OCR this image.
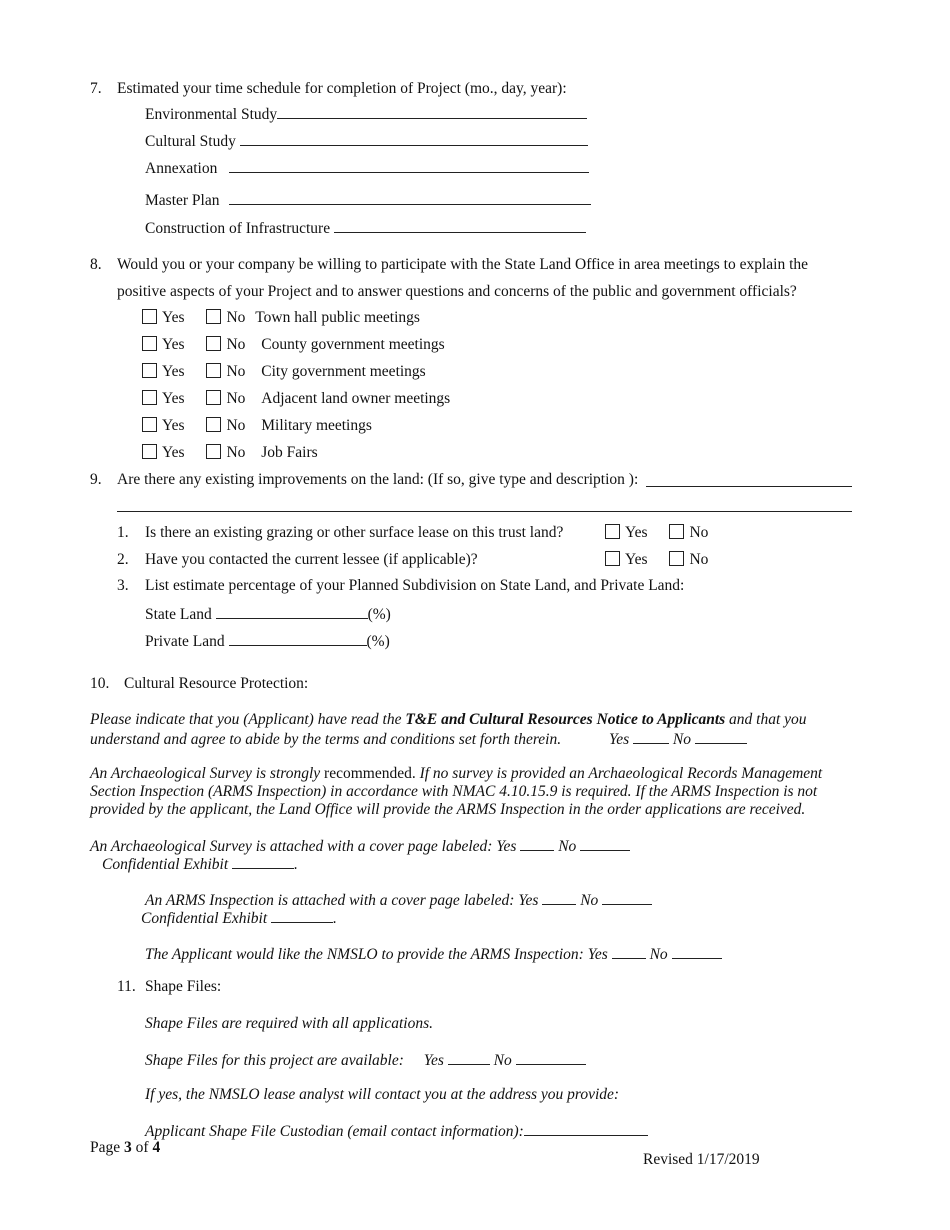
7. Estimated your time schedule for completion of Project (mo., day, year):
Environmental Study
Cultural Study
Annexation
Master Plan
Construction of Infrastructure
8. Would you or your company be willing to participate with the State Land Office in area meetings to explain the
positive aspects of your Project and to answer questions and concerns of the public and government officials?
Yes	No Town hall public meetings
Yes	No County government meetings
Yes	No City government meetings
Yes	No Adjacent land owner meetings
Yes	No Military meetings
Yes	No Job Fairs
9. Are there any existing improvements on the land: (If so, give type and description ):
1. Is there an existing grazing or other surface lease on this trust land?	Yes	No
2. Have you contacted the current lessee (if applicable)?	Yes	No
3. List estimate percentage of your Planned Subdivision on State Land, and Private Land:
State Land	(%)
Private Land	(%)
10. Cultural Resource Protection:
Please indicate that you (Applicant) have read the T&E and Cultural Resources Notice to Applicants and that you
understand and agree to abide by the terms and conditions set forth therein.	Yes	No
An Archaeological Survey is strongly recommended. If no survey is provided an Archaeological Records Management
Section Inspection (ARMS Inspection) in accordance with NMAC 4.10.15.9 is required. If the ARMS Inspection is not
provided by the applicant, the Land Office will provide the ARMS Inspection in the order applications are received.
An Archaeological Survey is attached with a cover page labeled: Yes	No
Confidential Exhibit	.
An ARMS Inspection is attached with a cover page labeled: Yes	No
Confidential Exhibit	.
The Applicant would like the NMSLO to provide the ARMS Inspection: Yes	No
11. Shape Files:
Shape Files are required with all applications.
Shape Files for this project are available: Yes	No
If yes, the NMSLO lease analyst will contact you at the address you provide:
Applicant Shape File Custodian (email contact information):
Page 3 of 4
Revised 1/17/2019
